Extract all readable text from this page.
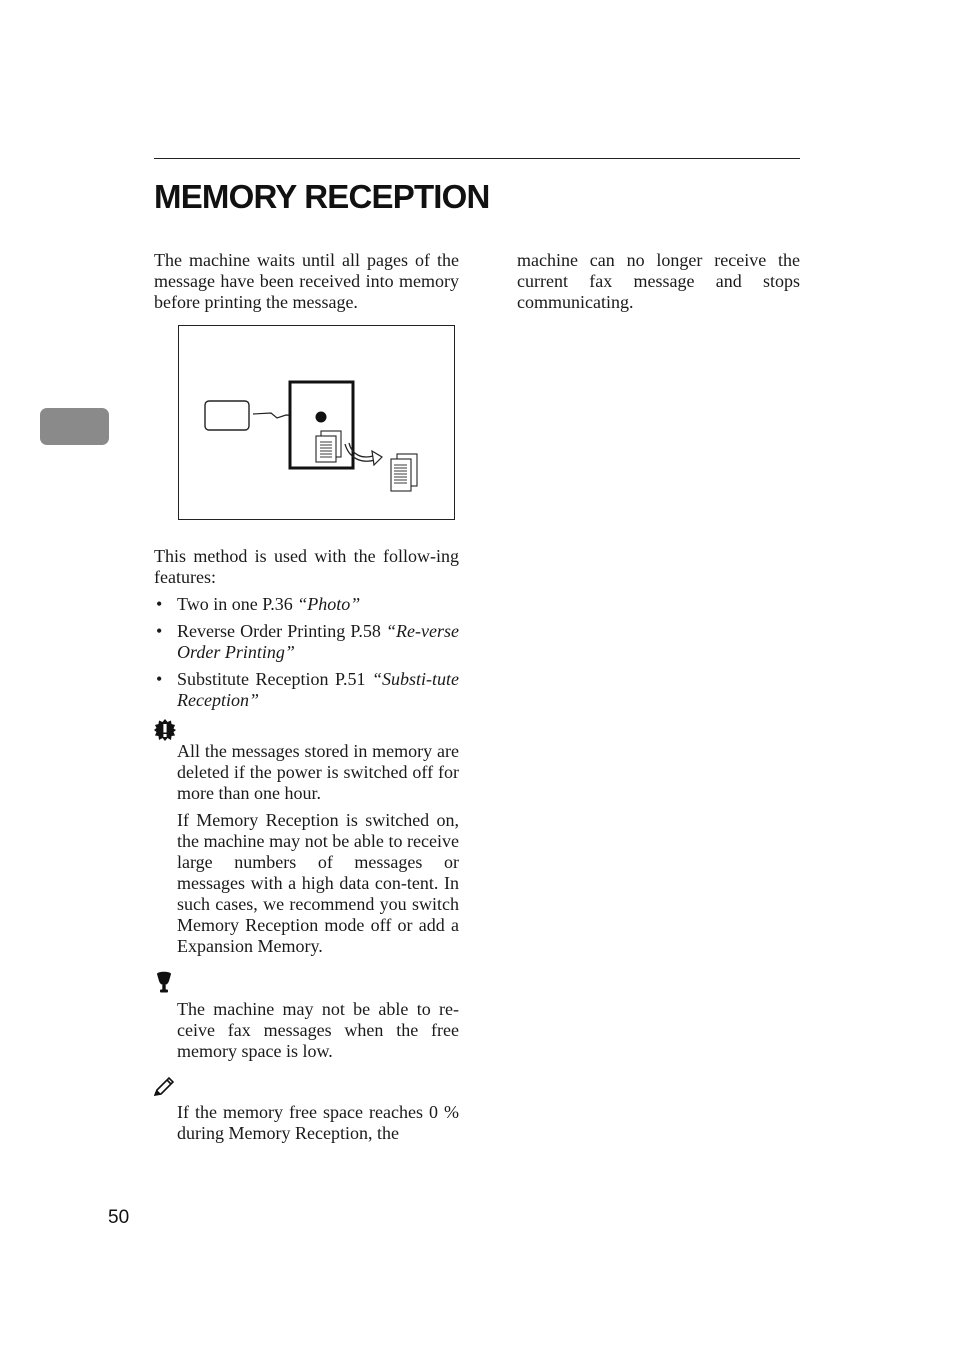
MEMORY RECEPTION

The machine waits until all pages of the message have been received into memory before printing the message.

This method is used with the follow-ing features:

• Two in one P.36 “Photo”
• Reverse Order Printing P.58 “Re-verse Order Printing”
• Substitute Reception P.51 “Substi-tute Reception”

All the messages stored in memory are deleted if the power is switched off for more than one hour.

If Memory Reception is switched on, the machine may not be able to receive large numbers of messages or messages with a high data con-tent. In such cases, we recommend you switch Memory Reception mode off or add a Expansion Memory.

The machine may not be able to re-ceive fax messages when the free memory space is low.

If the memory free space reaches 0 % during Memory Reception, the

machine can no longer receive the current fax message and stops communicating.

50
